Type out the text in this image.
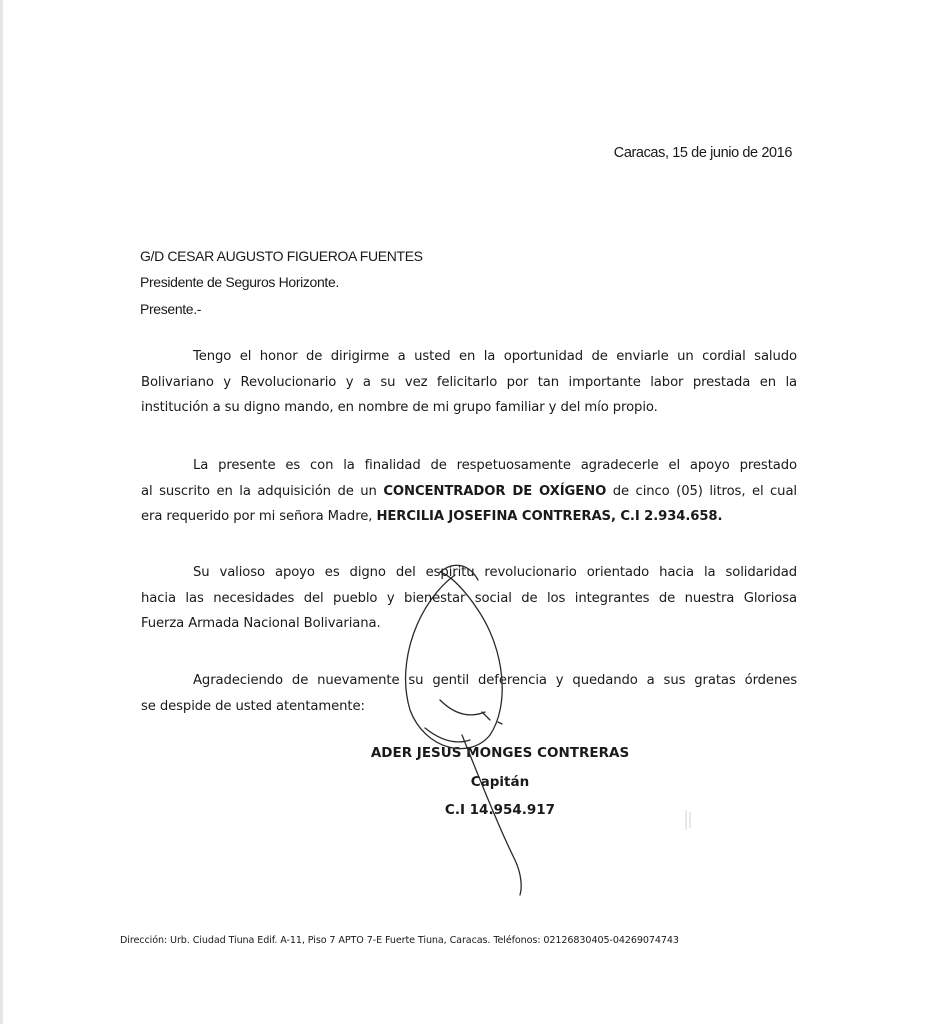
Caracas, 15 de junio de 2016
G/D CESAR AUGUSTO FIGUEROA FUENTES
Presidente de Seguros Horizonte.
Presente.-
Tengo el honor de dirigirme a usted en la oportunidad de enviarle un cordial saludo
Bolivariano y Revolucionario y a su vez felicitarlo por tan importante labor prestada en la
institución a su digno mando, en nombre de mi grupo familiar y del mío propio.
La presente es con la finalidad de respetuosamente agradecerle el apoyo prestado
al suscrito en la adquisición de un CONCENTRADOR DE OXÍGENO de cinco (05) litros, el cual
era requerido por mi señora Madre, HERCILIA JOSEFINA CONTRERAS, C.I 2.934.658.
Su valioso apoyo es digno del espíritu revolucionario orientado hacia la solidaridad
hacia las necesidades del pueblo y bienestar social de los integrantes de nuestra Gloriosa
Fuerza Armada Nacional Bolivariana.
Agradeciendo de nuevamente su gentil deferencia y quedando a sus gratas órdenes
se despide de usted atentamente:
ADER JESUS MONGES CONTRERAS
Capitán
C.I 14.954.917
Dirección: Urb. Ciudad Tiuna Edif. A-11, Piso 7 APTO 7-E Fuerte Tiuna, Caracas. Teléfonos: 02126830405-04269074743
